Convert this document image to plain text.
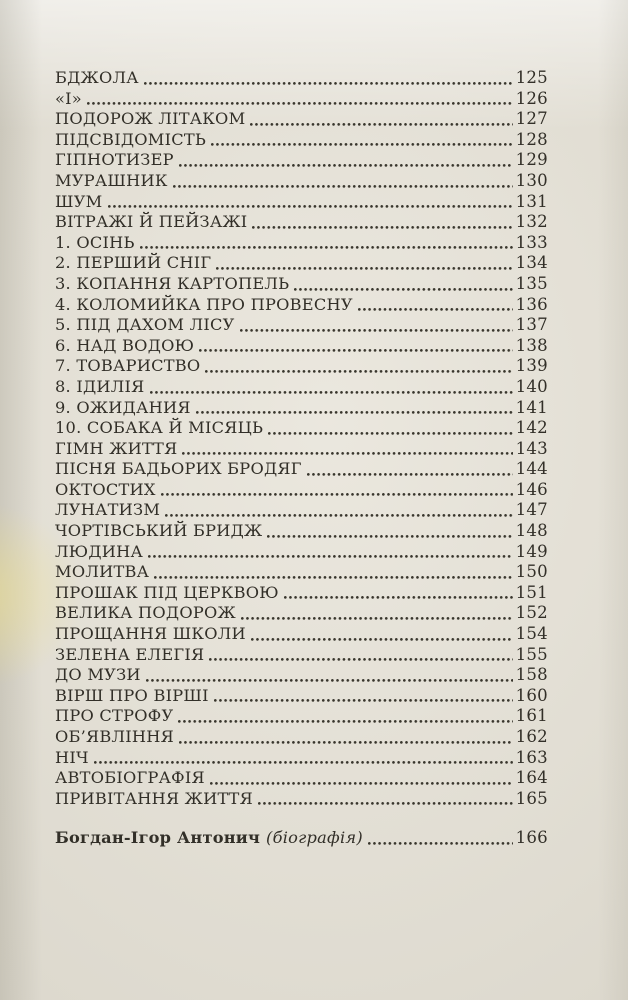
БДЖОЛА	125
«І»	126
ПОДОРОЖ ЛІТАКОМ	127
ПІДСВІДОМІСТЬ	128
ГІПНОТИЗЕР	129
МУРАШНИК	130
ШУМ	131
ВІТРАЖІ Й ПЕЙЗАЖІ	132
1. ОСІНЬ	133
2. ПЕРШИЙ СНІГ	134
3. КОПАННЯ КАРТОПЕЛЬ	135
4. КОЛОМИЙКА ПРО ПРОВЕСНУ	136
5. ПІД ДАХОМ ЛІСУ	137
6. НАД ВОДОЮ	138
7. ТОВАРИСТВО	139
8. ІДИЛІЯ	140
9. ОЖИДАНИЯ	141
10. СОБАКА Й МІСЯЦЬ	142
ГІМН ЖИТТЯ	143
ПІСНЯ БАДЬОРИХ БРОДЯГ	144
ОКТОСТИХ	146
ЛУНАТИЗМ	147
ЧОРТІВСЬКИЙ БРИДЖ	148
ЛЮДИНА	149
МОЛИТВА	150
ПРОШАК ПІД ЦЕРКВОЮ	151
ВЕЛИКА ПОДОРОЖ	152
ПРОЩАННЯ ШКОЛИ	154
ЗЕЛЕНА ЕЛЕГІЯ	155
ДО МУЗИ	158
ВІРШ ПРО ВІРШІ	160
ПРО СТРОФУ	161
ОБ’ЯВЛІННЯ	162
НІЧ	163
АВТОБІОГРАФІЯ	164
ПРИВІТАННЯ ЖИТТЯ	165
Богдан-Ігор Антонич (біографія)	166
